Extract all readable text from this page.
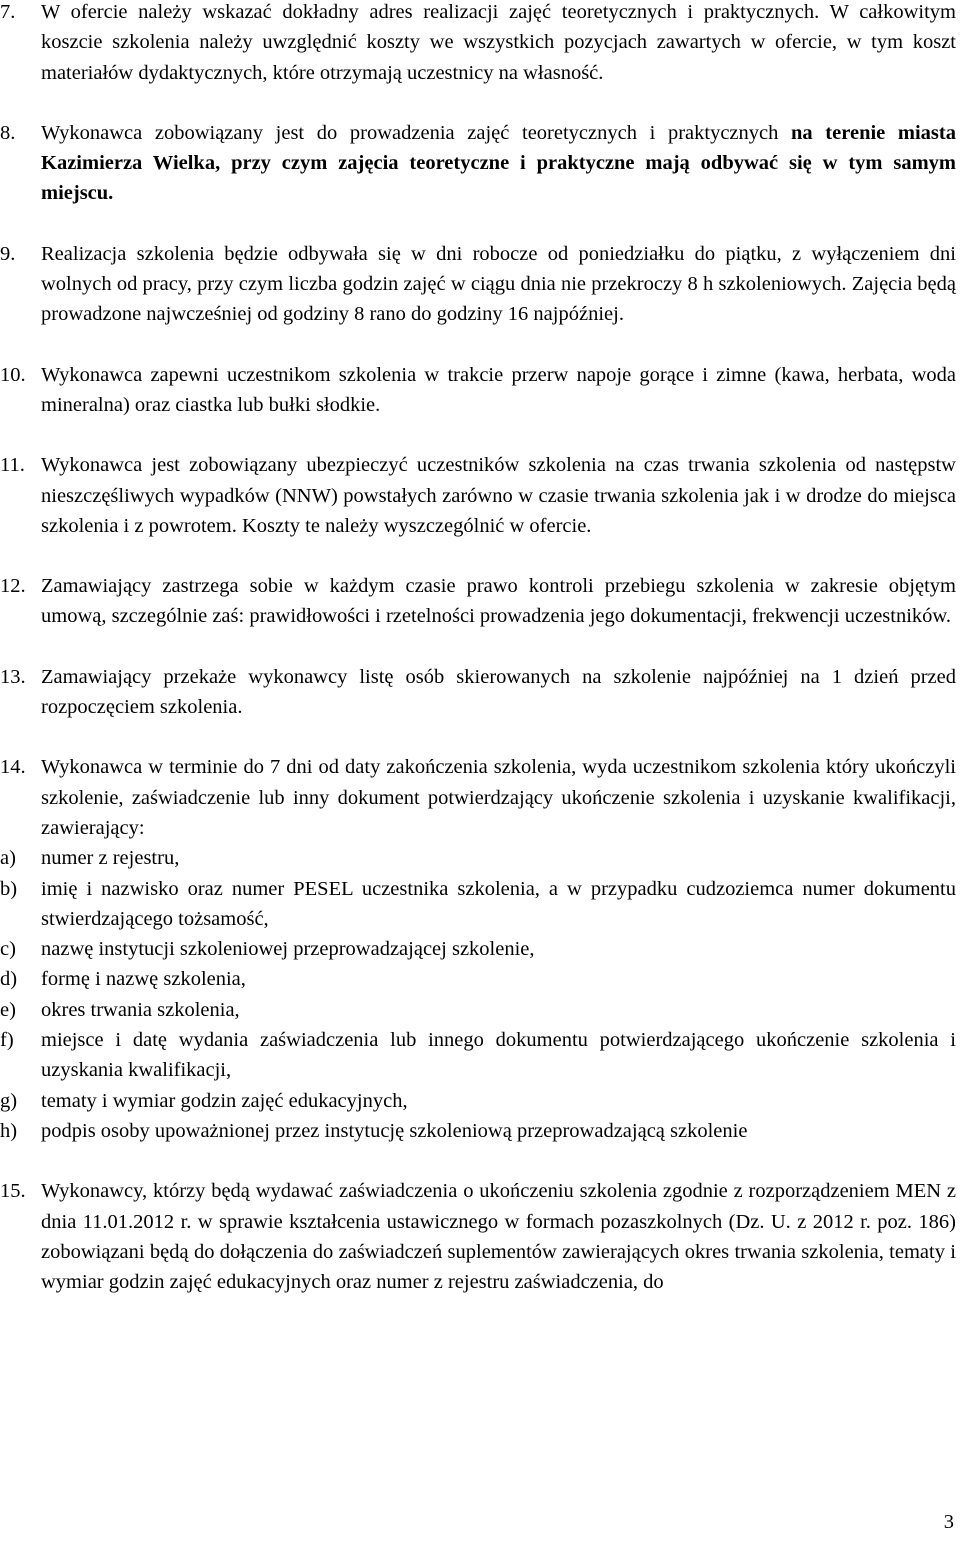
7. W ofercie należy wskazać dokładny adres realizacji zajęć teoretycznych i praktycznych. W całkowitym koszcie szkolenia należy uwzględnić koszty we wszystkich pozycjach zawartych w ofercie, w tym koszt materiałów dydaktycznych, które otrzymają uczestnicy na własność.
8. Wykonawca zobowiązany jest do prowadzenia zajęć teoretycznych i praktycznych na terenie miasta Kazimierza Wielka, przy czym zajęcia teoretyczne i praktyczne mają odbywać się w tym samym miejscu.
9. Realizacja szkolenia będzie odbywała się w dni robocze od poniedziałku do piątku, z wyłączeniem dni wolnych od pracy, przy czym liczba godzin zajęć w ciągu dnia nie przekroczy 8 h szkoleniowych. Zajęcia będą prowadzone najwcześniej od godziny 8 rano do godziny 16 najpóźniej.
10. Wykonawca zapewni uczestnikom szkolenia w trakcie przerw napoje gorące i zimne (kawa, herbata, woda mineralna) oraz ciastka lub bułki słodkie.
11. Wykonawca jest zobowiązany ubezpieczyć uczestników szkolenia na czas trwania szkolenia od następstw nieszczęśliwych wypadków (NNW) powstałych zarówno w czasie trwania szkolenia jak i w drodze do miejsca szkolenia i z powrotem. Koszty te należy wyszczególnić w ofercie.
12. Zamawiający zastrzega sobie w każdym czasie prawo kontroli przebiegu szkolenia w zakresie objętym umową, szczególnie zaś: prawidłowości i rzetelności prowadzenia jego dokumentacji, frekwencji uczestników.
13. Zamawiający przekaże wykonawcy listę osób skierowanych na szkolenie najpóźniej na 1 dzień przed rozpoczęciem szkolenia.
14. Wykonawca w terminie do 7 dni od daty zakończenia szkolenia, wyda uczestnikom szkolenia który ukończyli szkolenie, zaświadczenie lub inny dokument potwierdzający ukończenie szkolenia i uzyskanie kwalifikacji, zawierający:
a) numer z rejestru,
b) imię i nazwisko oraz numer PESEL uczestnika szkolenia, a w przypadku cudzoziemca numer dokumentu stwierdzającego tożsamość,
c) nazwę instytucji szkoleniowej przeprowadzającej szkolenie,
d) formę i nazwę szkolenia,
e) okres trwania szkolenia,
f) miejsce i datę wydania zaświadczenia lub innego dokumentu potwierdzającego ukończenie szkolenia i uzyskania kwalifikacji,
g) tematy i wymiar godzin zajęć edukacyjnych,
h) podpis osoby upoważnionej przez instytucję szkoleniową przeprowadzającą szkolenie
15. Wykonawcy, którzy będą wydawać zaświadczenia o ukończeniu szkolenia zgodnie z rozporządzeniem MEN z dnia 11.01.2012 r. w sprawie kształcenia ustawicznego w formach pozaszkolnych (Dz. U. z 2012 r. poz. 186) zobowiązani będą do dołączenia do zaświadczeń suplementów zawierających okres trwania szkolenia, tematy i wymiar godzin zajęć edukacyjnych oraz numer z rejestru zaświadczenia, do
3
